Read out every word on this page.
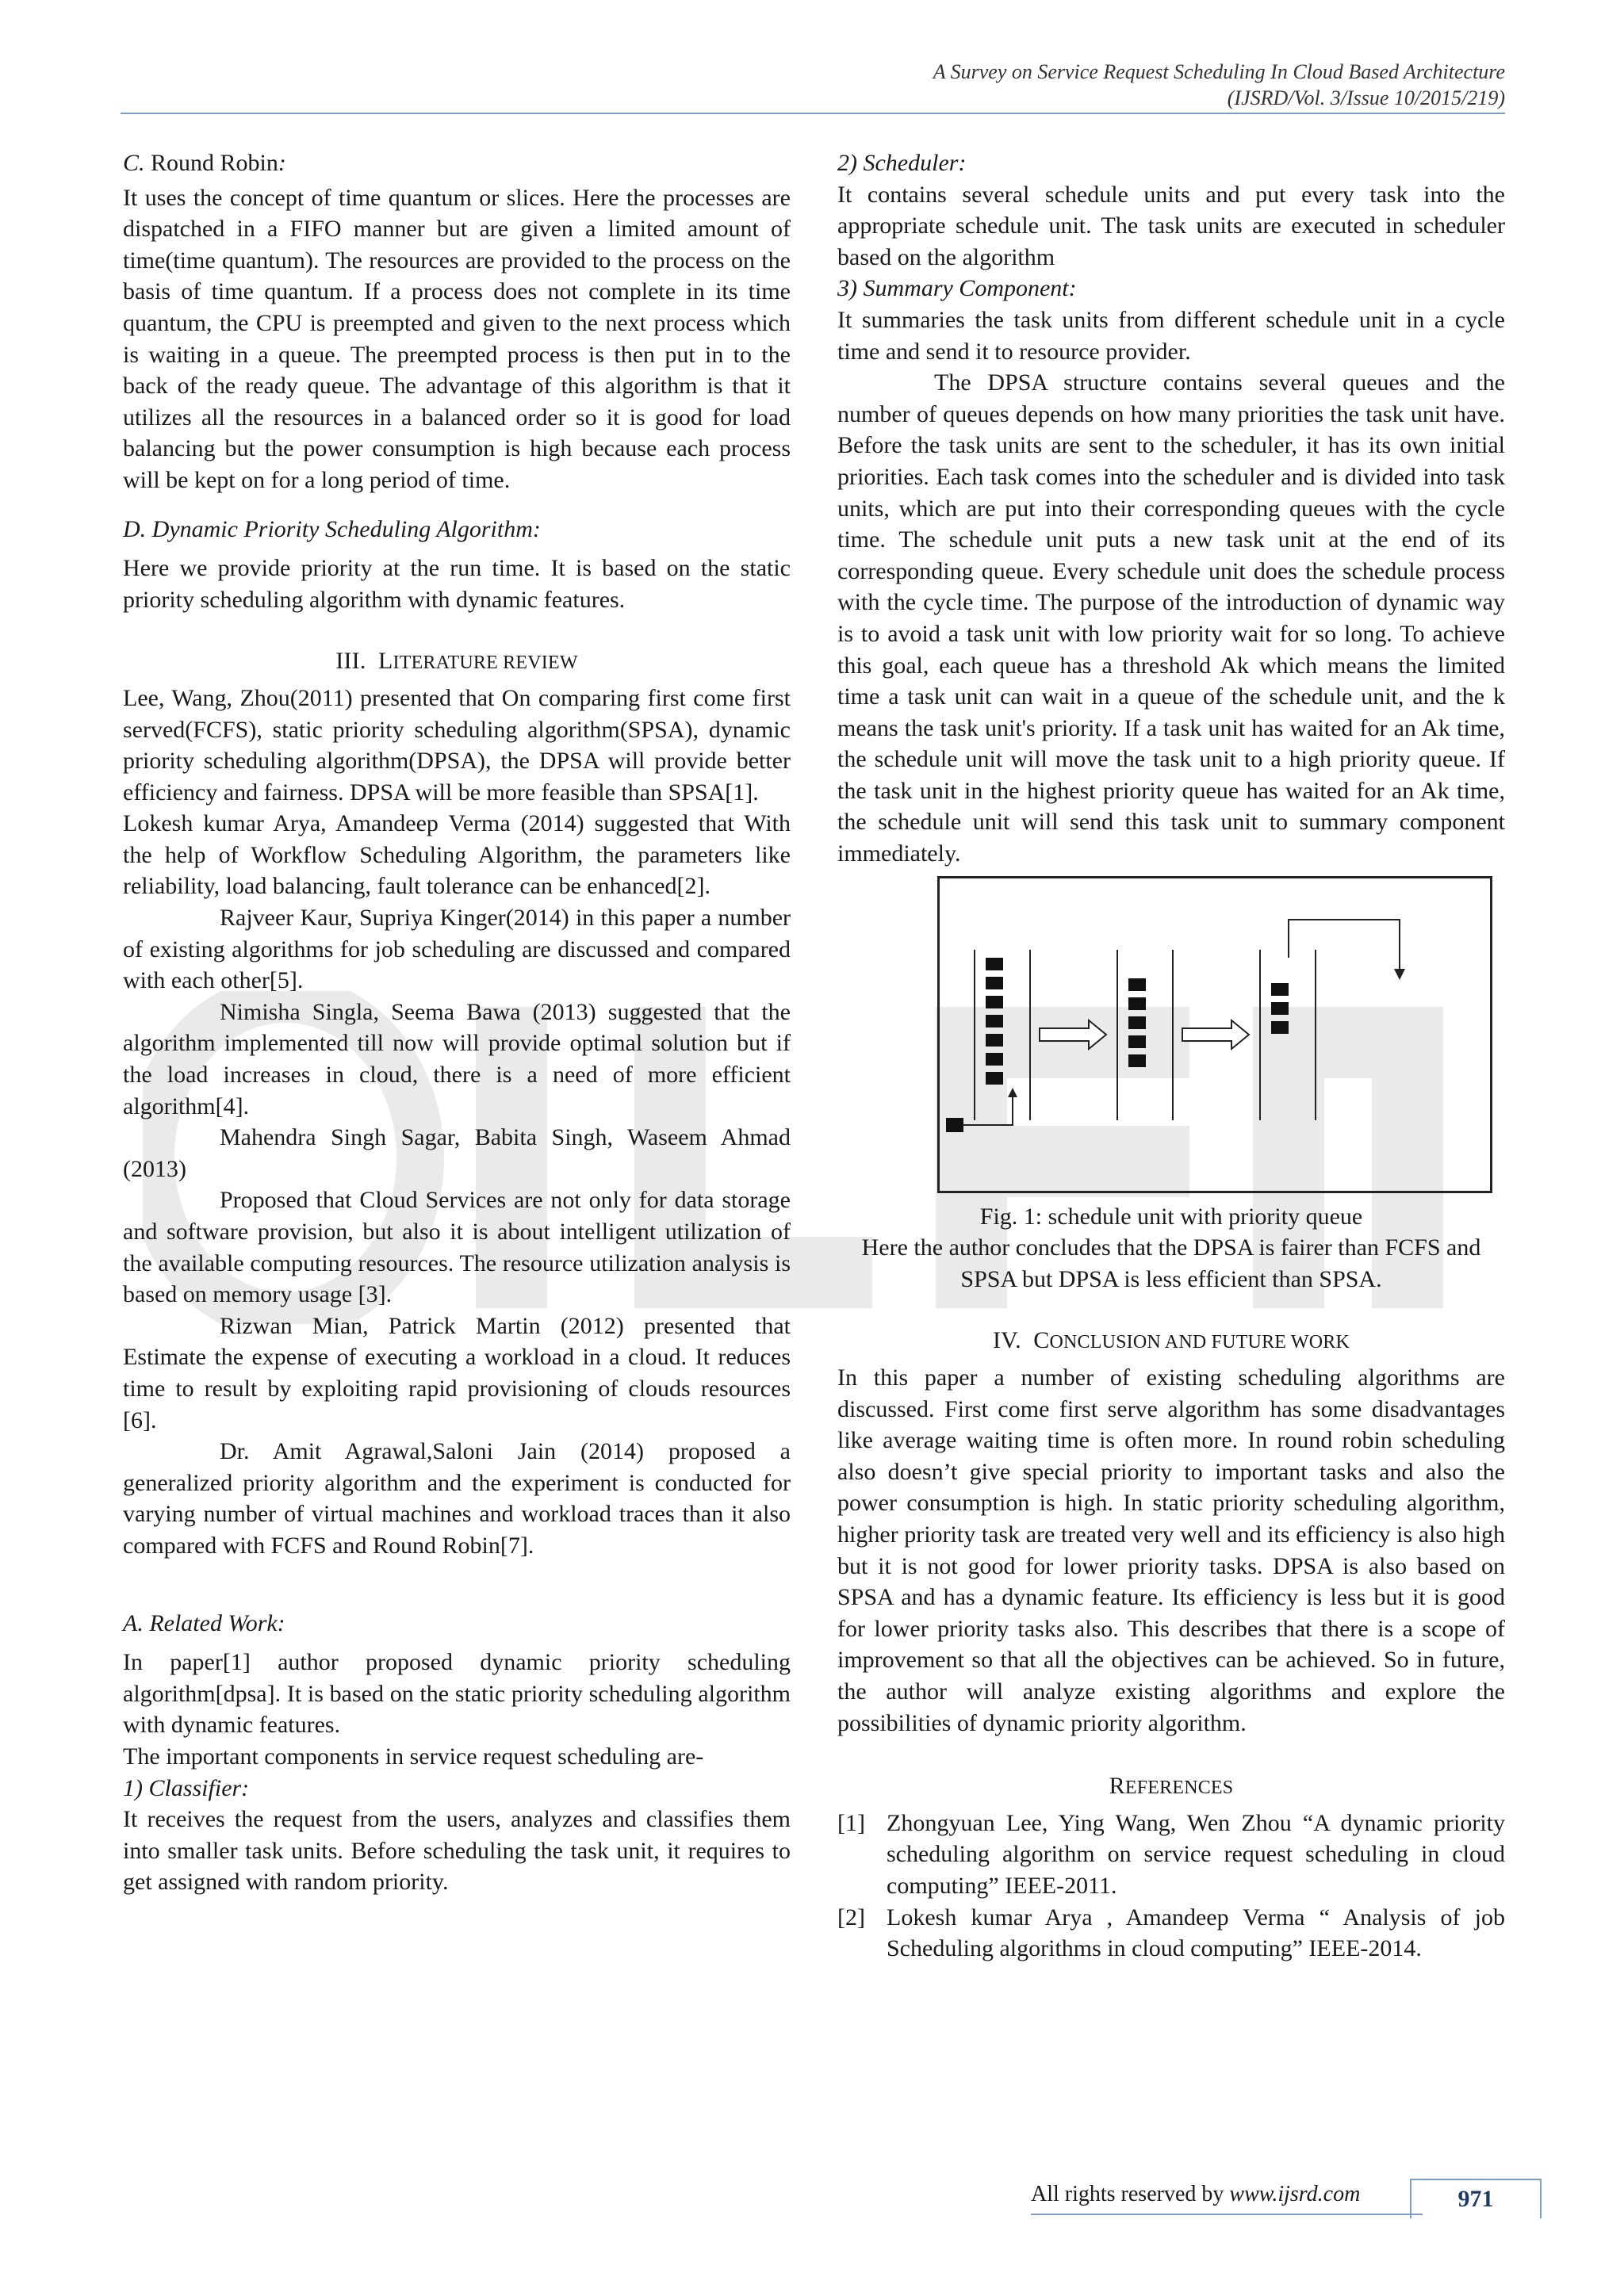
A Survey on Service Request Scheduling In Cloud Based Architecture
(IJSRD/Vol. 3/Issue 10/2015/219)
C. Round Robin:

It uses the concept of time quantum or slices. Here the processes are dispatched in a FIFO manner but are given a limited amount of time(time quantum). The resources are provided to the process on the basis of time quantum. If a process does not complete in its time quantum, the CPU is preempted and given to the next process which is waiting in a queue. The preempted process is then put in to the back of the ready queue. The advantage of this algorithm is that it utilizes all the resources in a balanced order so it is good for load balancing but the power consumption is high because each process will be kept on for a long period of time.

D. Dynamic Priority Scheduling Algorithm:

Here we provide priority at the run time. It is based on the static priority scheduling algorithm with dynamic features.

III. LITERATURE REVIEW

Lee, Wang, Zhou(2011) presented that On comparing first come first served(FCFS), static priority scheduling algorithm(SPSA), dynamic priority scheduling algorithm(DPSA), the DPSA will provide better efficiency and fairness. DPSA will be more feasible than SPSA[1].

Lokesh kumar Arya, Amandeep Verma (2014) suggested that With the help of Workflow Scheduling Algorithm, the parameters like reliability, load balancing, fault tolerance can be enhanced[2].

Rajveer Kaur, Supriya Kinger(2014) in this paper a number of existing algorithms for job scheduling are discussed and compared with each other[5].

Nimisha Singla, Seema Bawa (2013) suggested that the algorithm implemented till now will provide optimal solution but if the load increases in cloud, there is a need of more efficient algorithm[4].

Mahendra Singh Sagar, Babita Singh, Waseem Ahmad (2013)

Proposed that Cloud Services are not only for data storage and software provision, but also it is about intelligent utilization of the available computing resources. The resource utilization analysis is based on memory usage [3].

Rizwan Mian, Patrick Martin (2012) presented that Estimate the expense of executing a workload in a cloud. It reduces time to result by exploiting rapid provisioning of clouds resources [6].

Dr. Amit Agrawal,Saloni Jain (2014) proposed a generalized priority algorithm and the experiment is conducted for varying number of virtual machines and workload traces than it also compared with FCFS and Round Robin[7].

A. Related Work:

In paper[1] author proposed dynamic priority scheduling algorithm[dpsa]. It is based on the static priority scheduling algorithm with dynamic features.

The important components in service request scheduling are-

1) Classifier:

It receives the request from the users, analyzes and classifies them into smaller task units. Before scheduling the task unit, it requires to get assigned with random priority.

2) Scheduler:

It contains several schedule units and put every task into the appropriate schedule unit. The task units are executed in scheduler based on the algorithm

3) Summary Component:

It summaries the task units from different schedule unit in a cycle time and send it to resource provider.

The DPSA structure contains several queues and the number of queues depends on how many priorities the task unit have. Before the task units are sent to the scheduler, it has its own initial priorities. Each task comes into the scheduler and is divided into task units, which are put into their corresponding queues with the cycle time. The schedule unit puts a new task unit at the end of its corresponding queue. Every schedule unit does the schedule process with the cycle time. The purpose of the introduction of dynamic way is to avoid a task unit with low priority wait for so long. To achieve this goal, each queue has a threshold Ak which means the limited time a task unit can wait in a queue of the schedule unit, and the k means the task unit's priority. If a task unit has waited for an Ak time, the schedule unit will move the task unit to a high priority queue. If the task unit in the highest priority queue has waited for an Ak time, the schedule unit will send this task unit to summary component immediately.

Fig. 1: schedule unit with priority queue

Here the author concludes that the DPSA is fairer than FCFS and SPSA but DPSA is less efficient than SPSA.

IV. CONCLUSION AND FUTURE WORK

In this paper a number of existing scheduling algorithms are discussed. First come first serve algorithm has some disadvantages like average waiting time is often more. In round robin scheduling also doesn’t give special priority to important tasks and also the power consumption is high. In static priority scheduling algorithm, higher priority task are treated very well and its efficiency is also high but it is not good for lower priority tasks. DPSA is also based on SPSA and has a dynamic feature. Its efficiency is less but it is good for lower priority tasks also. This describes that there is a scope of improvement so that all the objectives can be achieved. So in future, the author will analyze existing algorithms and explore the possibilities of dynamic priority algorithm.

REFERENCES
[1] Zhongyuan Lee, Ying Wang, Wen Zhou “A dynamic priority scheduling algorithm on service request scheduling in cloud computing” IEEE-2011.
[2] Lokesh kumar Arya , Amandeep Verma “ Analysis of job Scheduling algorithms in cloud computing” IEEE-2014.
All rights reserved by www.ijsrd.com	971
